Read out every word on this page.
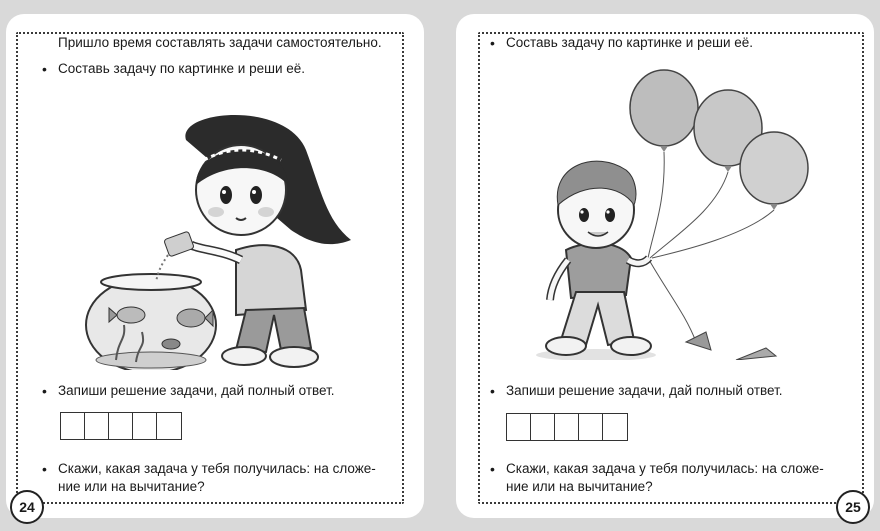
Пришло время составлять задачи самостоятельно.
• Составь задачу по картинке и реши её.
• Запиши решение задачи, дай полный ответ.
• Скажи, какая задача у тебя получилась: на сложе-
ние или на вычитание?
24
• Составь задачу по картинке и реши её.
• Запиши решение задачи, дай полный ответ.
• Скажи, какая задача у тебя получилась: на сложе-
ние или на вычитание?
25
